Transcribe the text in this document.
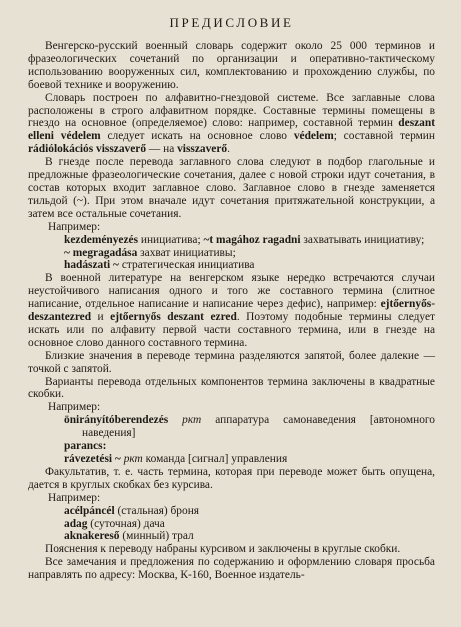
ПРЕДИСЛОВИЕ

Венгерско-русский военный словарь содержит около 25 000 терминов и фразеологических сочетаний по организации и оперативно-тактическому использованию вооруженных сил, комплектованию и прохождению службы, по боевой технике и вооружению.

Словарь построен по алфавитно-гнездовой системе. Все заглавные слова расположены в строго алфавитном порядке. Составные термины помещены в гнездо на основное (определяемое) слово: например, составной термин deszant elleni védelem следует искать на основное слово védelem; составной термин rádiólokációs visszaverő — на visszaverő.

В гнезде после перевода заглавного слова следуют в подбор глагольные и предложные фразеологические сочетания, далее с новой строки идут сочетания, в состав которых входит заглавное слово. Заглавное слово в гнезде заменяется тильдой (~). При этом вначале идут сочетания притяжательной конструкции, а затем все остальные сочетания.

Например:

kezdeményezés инициатива; ~t magához ragadni захватывать инициативу;

~ megragadása захват инициативы;

hadászati ~ стратегическая инициатива

В военной литературе на венгерском языке нередко встречаются случаи неустойчивого написания одного и того же составного термина (слитное написание, отдельное написание и написание через дефис), например: ejtőernyős-deszantezred и ejtőernyős deszant ezred. Поэтому подобные термины следует искать или по алфавиту первой части составного термина, или в гнезде на основное слово данного составного термина.

Близкие значения в переводе термина разделяются запятой, более далекие — точкой с запятой.

Варианты перевода отдельных компонентов термина заключены в квадратные скобки.

Например:

önirányítóberendezés ркт аппаратура самонаведения [автономного наведения]

parancs:

rávezetési ~ ркт команда [сигнал] управления

Факультатив, т. е. часть термина, которая при переводе может быть опущена, дается в круглых скобках без курсива.

Например:

acélpáncél (стальная) броня

adag (суточная) дача

aknakereső (минный) трал

Пояснения к переводу набраны курсивом и заключены в круглые скобки.

Все замечания и предложения по содержанию и оформлению словаря просьба направлять по адресу: Москва, К-160, Военное издатель-
